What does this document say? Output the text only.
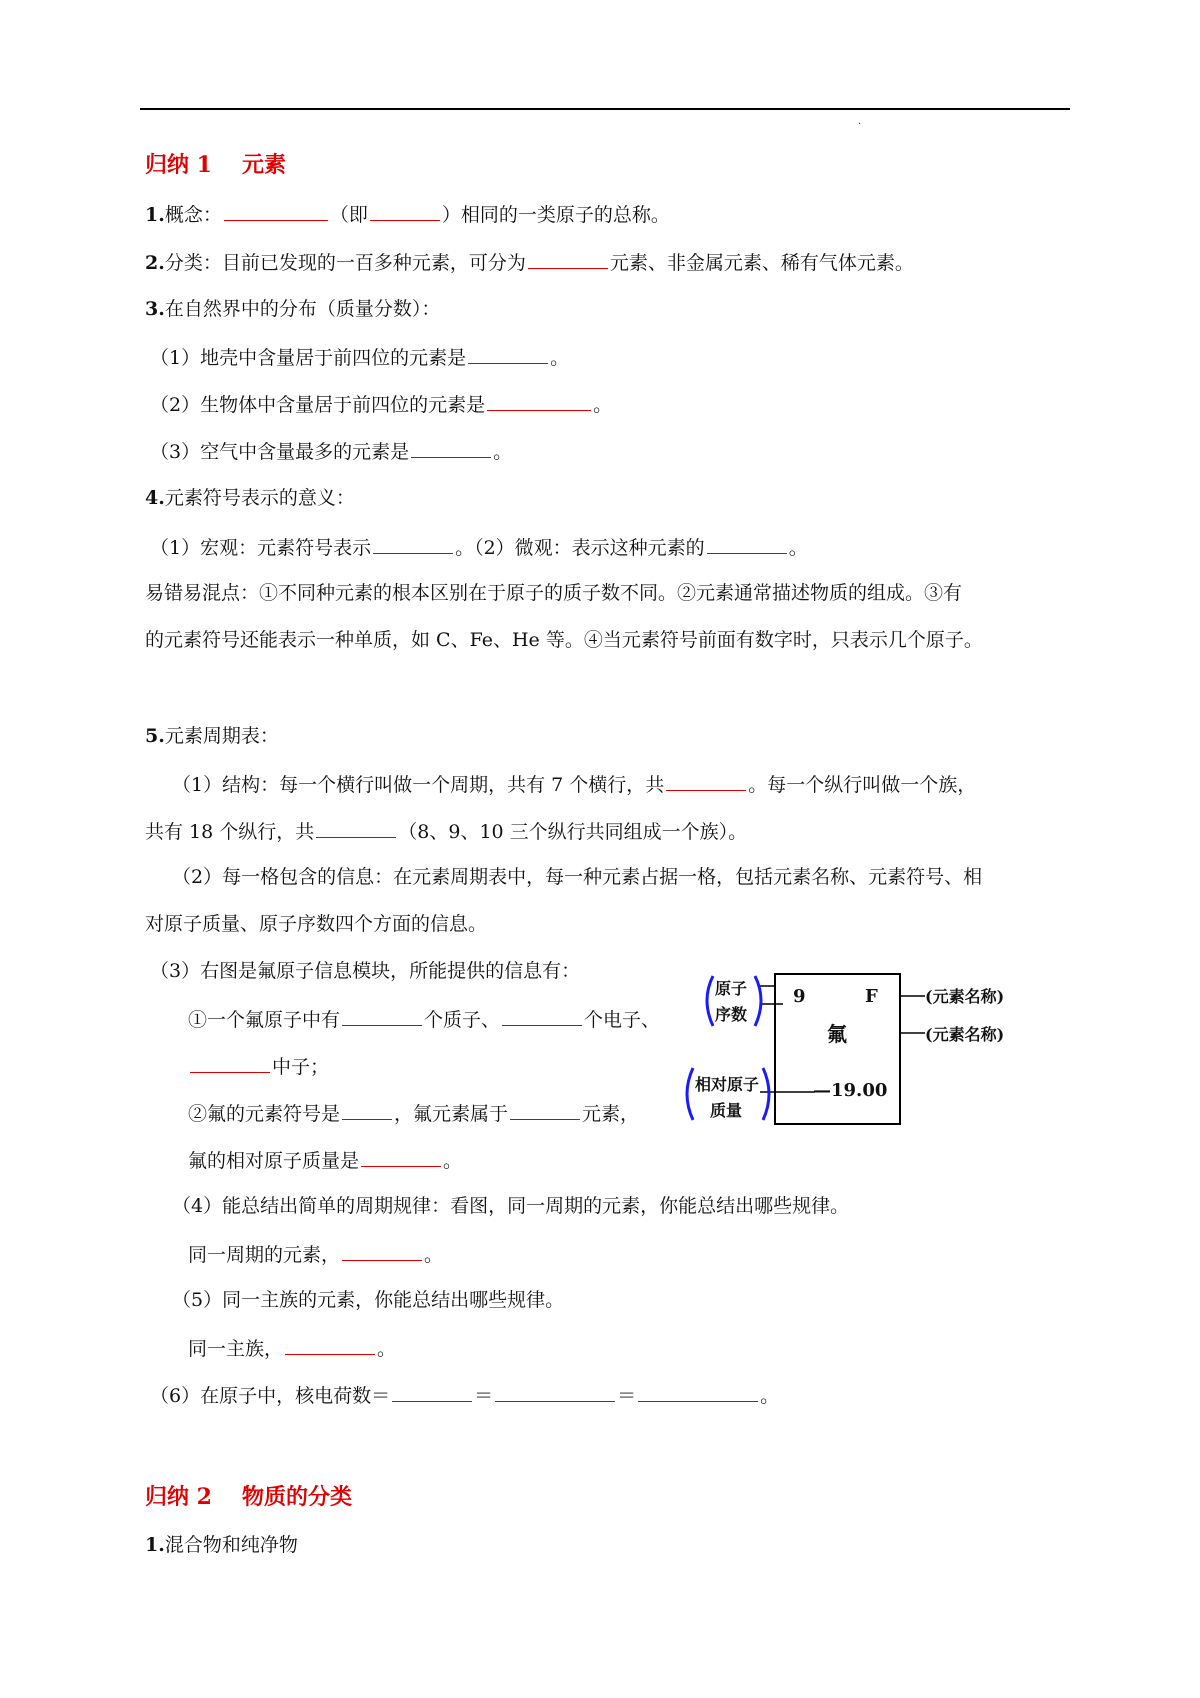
.
归纳 1 元素
1.概念：	（即	）相同的一类原子的总称。
2.分类：目前已发现的一百多种元素，可分为	元素、非金属元素、稀有气体元素。
3.在自然界中的分布（质量分数）：
（1）地壳中含量居于前四位的元素是	。
（2）生物体中含量居于前四位的元素是	。
（3）空气中含量最多的元素是	。
4.元素符号表示的意义：
（1）宏观：元素符号表示	。（2）微观：表示这种元素的	。
易错易混点：①不同种元素的根本区别在于原子的质子数不同。②元素通常描述物质的组成。③有
的元素符号还能表示一种单质，如 C、Fe、He 等。④当元素符号前面有数字时，只表示几个原子。
5.元素周期表：
（1）结构：每一个横行叫做一个周期，共有 7 个横行，共	。每一个纵行叫做一个族，
共有 18 个纵行，共	（8、9、10 三个纵行共同组成一个族）。
（2）每一格包含的信息：在元素周期表中，每一种元素占据一格，包括元素名称、元素符号、相
对原子质量、原子序数四个方面的信息。
（3）右图是氟原子信息模块，所能提供的信息有：
①一个氟原子中有	个质子、	个电子、
中子；
②氟的元素符号是	，氟元素属于	元素，
氟的相对原子质量是	。
原子
序数
相对原子
质量
9	F
氟
—19.00
(元素名称)
(元素名称)
（4）能总结出简单的周期规律：看图，同一周期的元素，你能总结出哪些规律。
同一周期的元素，	。
（5）同一主族的元素，你能总结出哪些规律。
同一主族，	。
（6）在原子中，核电荷数＝	＝	＝	。
归纳 2 物质的分类
1.混合物和纯净物
